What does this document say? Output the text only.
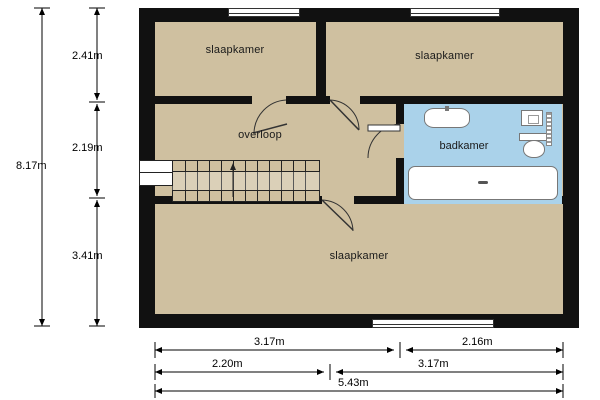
slaapkamer	slaapkamer
overloop
badkamer
slaapkamer
8.17m
2.41m
2.19m
3.41m
3.17m	2.16m
2.20m	3.17m
5.43m
